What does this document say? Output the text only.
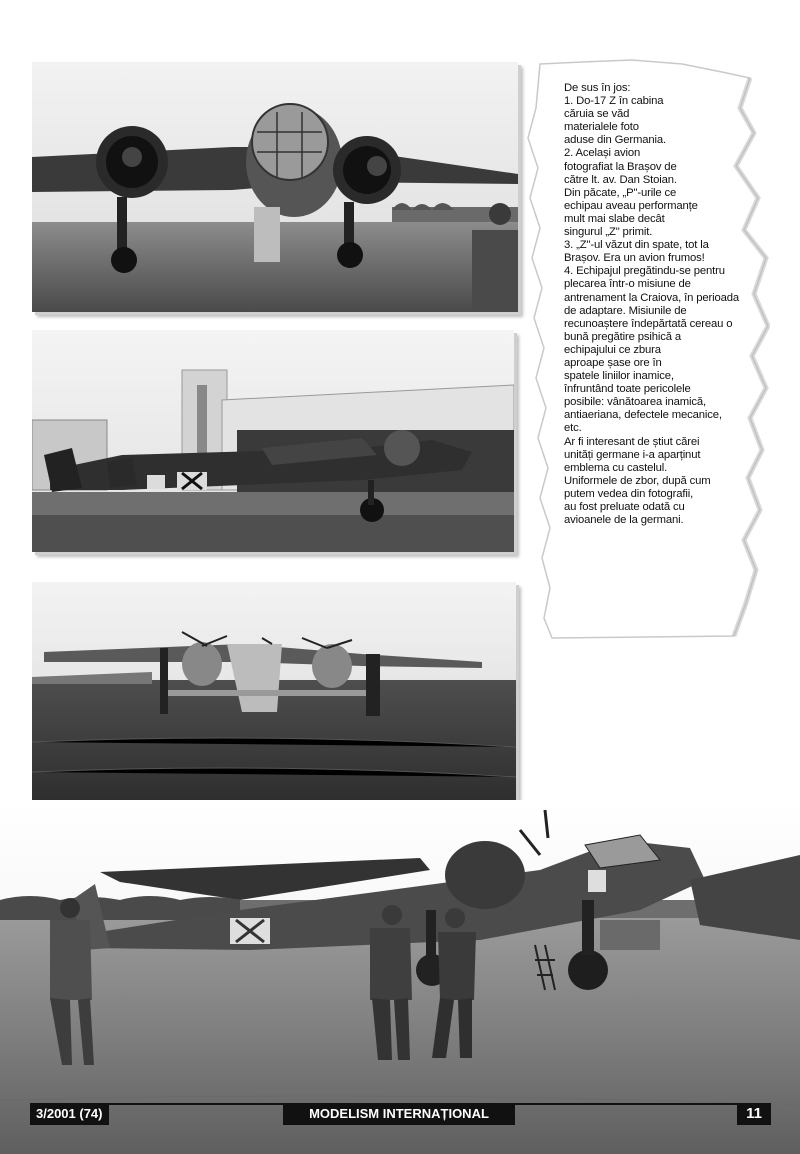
De sus în jos:

1. Do-17 Z în cabina

căruia se văd

materialele foto

aduse din Germania.

2. Același avion

fotografiat la Brașov de

către lt. av. Dan Stoian.

Din păcate, „P"-urile ce

echipau aveau performanțe

mult mai slabe decât

singurul „Z" primit.

3. „Z"-ul văzut din spate, tot la

Brașov. Era un avion frumos!

4. Echipajul pregătindu-se pentru

plecarea într-o misiune de

antrenament la Craiova, în perioada

de adaptare. Misiunile de

recunoaștere îndepărtată cereau o

bună pregătire psihică a

echipajului ce zbura

aproape șase ore în

spatele liniilor inamice,

înfruntând toate pericolele

posibile: vânătoarea inamică,

antiaeriana, defectele mecanice,

etc.

Ar fi interesant de știut cărei

unități germane i-a aparținut

emblema cu castelul.

Uniformele de zbor, după cum

putem vedea din fotografii,

au fost preluate odată cu

avioanele de la germani.

3/2001 (74)	MODELISM INTERNAȚIONAL	11
